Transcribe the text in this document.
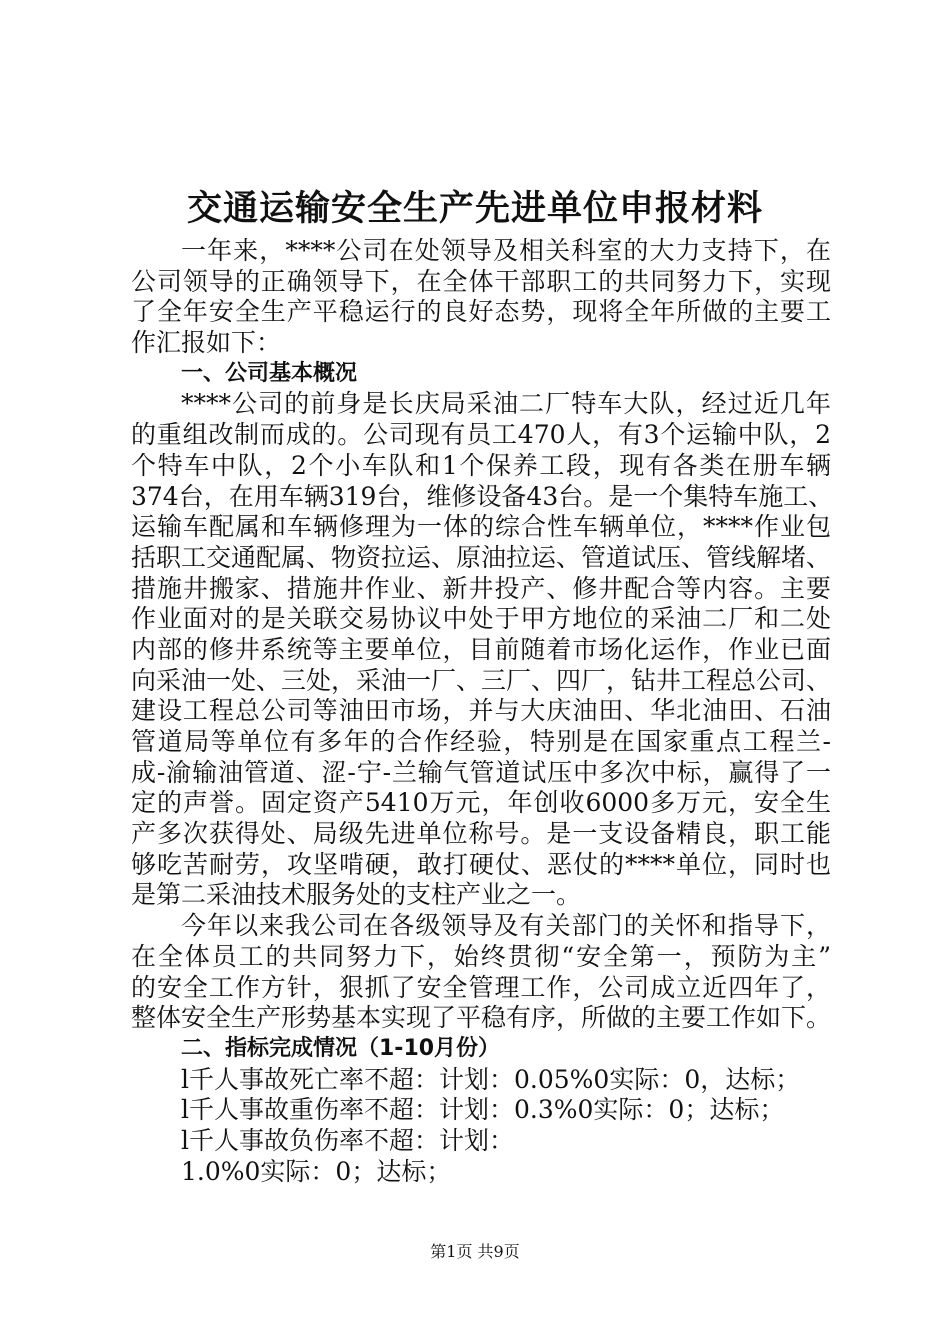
交通运输安全生产先进单位申报材料
一年来，****公司在处领导及相关科室的大力支持下，在
公司领导的正确领导下，在全体干部职工的共同努力下，实现
了全年安全生产平稳运行的良好态势，现将全年所做的主要工
作汇报如下：
一、公司基本概况
****公司的前身是长庆局采油二厂特车大队，经过近几年
的重组改制而成的。公司现有员工470人，有3个运输中队，2
个特车中队，2个小车队和1个保养工段，现有各类在册车辆
374台，在用车辆319台，维修设备43台。是一个集特车施工、
运输车配属和车辆修理为一体的综合性车辆单位，****作业包
括职工交通配属、物资拉运、原油拉运、管道试压、管线解堵、
措施井搬家、措施井作业、新井投产、修井配合等内容。主要
作业面对的是关联交易协议中处于甲方地位的采油二厂和二处
内部的修井系统等主要单位，目前随着市场化运作，作业已面
向采油一处、三处，采油一厂、三厂、四厂，钻井工程总公司、
建设工程总公司等油田市场，并与大庆油田、华北油田、石油
管道局等单位有多年的合作经验，特别是在国家重点工程兰-
成-渝输油管道、涩-宁-兰输气管道试压中多次中标，赢得了一
定的声誉。固定资产5410万元，年创收6000多万元，安全生
产多次获得处、局级先进单位称号。是一支设备精良，职工能
够吃苦耐劳，攻坚啃硬，敢打硬仗、恶仗的****单位，同时也
是第二采油技术服务处的支柱产业之一。
今年以来我公司在各级领导及有关部门的关怀和指导下，
在全体员工的共同努力下，始终贯彻“安全第一，预防为主”
的安全工作方针，狠抓了安全管理工作，公司成立近四年了，
整体安全生产形势基本实现了平稳有序，所做的主要工作如下。
二、指标完成情况（1-10月份）
l千人事故死亡率不超：计划：0.05%0实际：0，达标；
l千人事故重伤率不超：计划：0.3%0实际：0；达标；
l千人事故负伤率不超：计划：
1.0%0实际：0；达标；
第1页 共9页
